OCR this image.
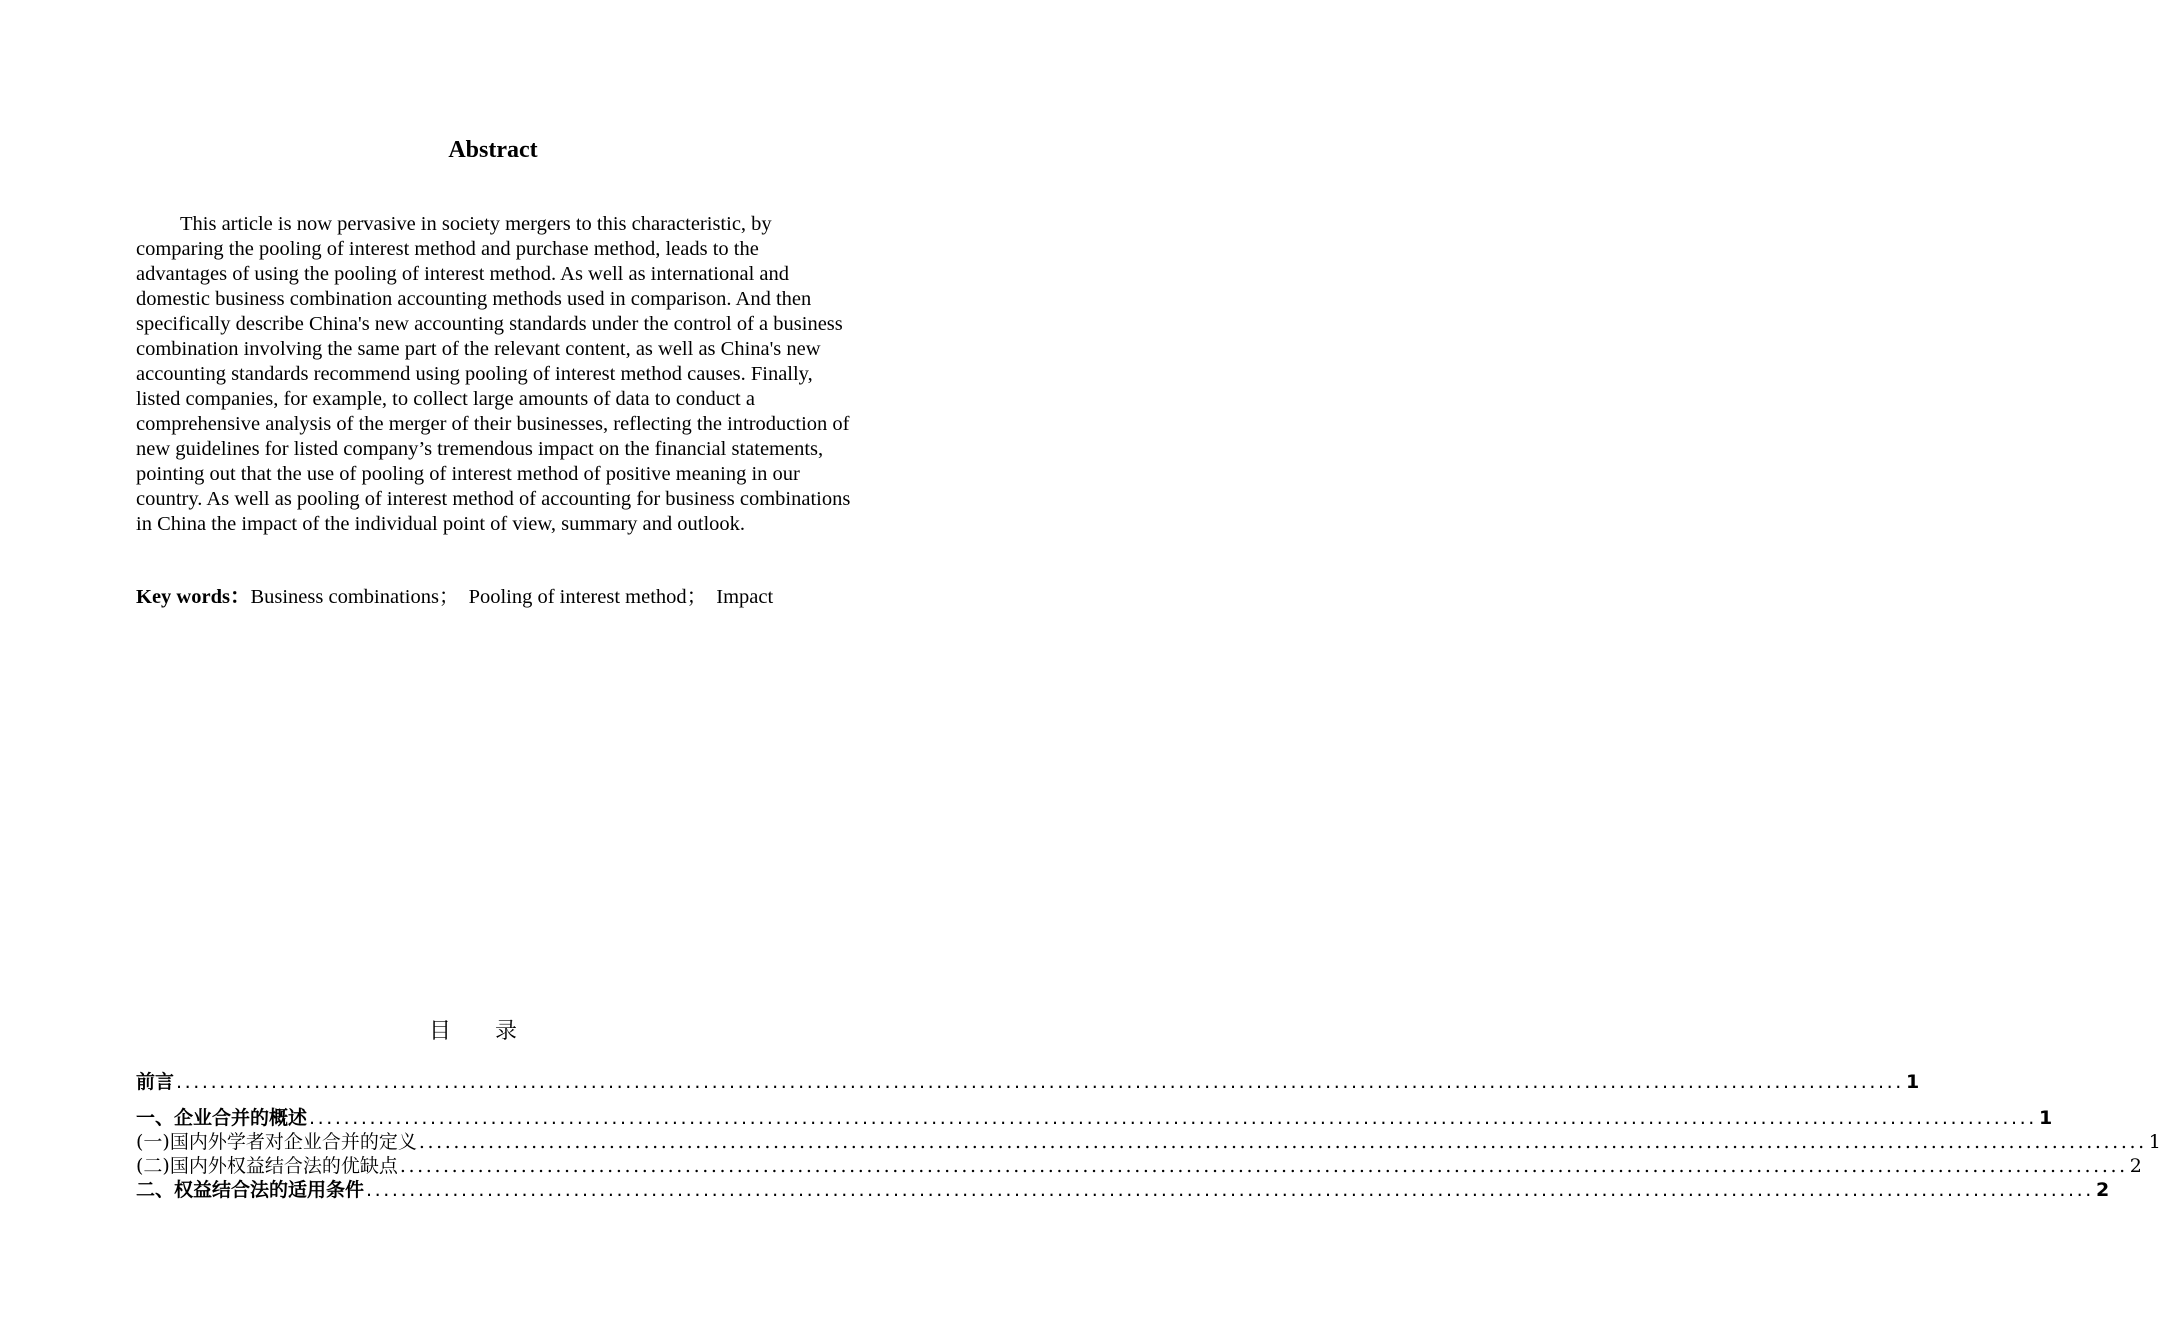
Abstract

This article is now pervasive in society mergers to this characteristic, by comparing the pooling of interest method and purchase method, leads to the advantages of using the pooling of interest method. As well as international and domestic business combination accounting methods used in comparison. And then specifically describe China's new accounting standards under the control of a business combination involving the same part of the relevant content, as well as China's new accounting standards recommend using pooling of interest method causes. Finally, listed companies, for example, to collect large amounts of data to conduct a comprehensive analysis of the merger of their businesses, reflecting the introduction of new guidelines for listed company’s tremendous impact on the financial statements, pointing out that the use of pooling of interest method of positive meaning in our country. As well as pooling of interest method of accounting for business combinations in China the impact of the individual point of view, summary and outlook.

Key words：Business combinations； Pooling of interest method； Impact
目录
前言 ........................................................................................................................................................................................................ 1
一、企业合并的概述 ........................................................................................................................................................................................................ 1
(一)国内外学者对企业合并的定义 ........................................................................................................................................................................................................ 1
(二)国内外权益结合法的优缺点 ........................................................................................................................................................................................................ 2
二、权益结合法的适用条件 ........................................................................................................................................................................................................ 2
